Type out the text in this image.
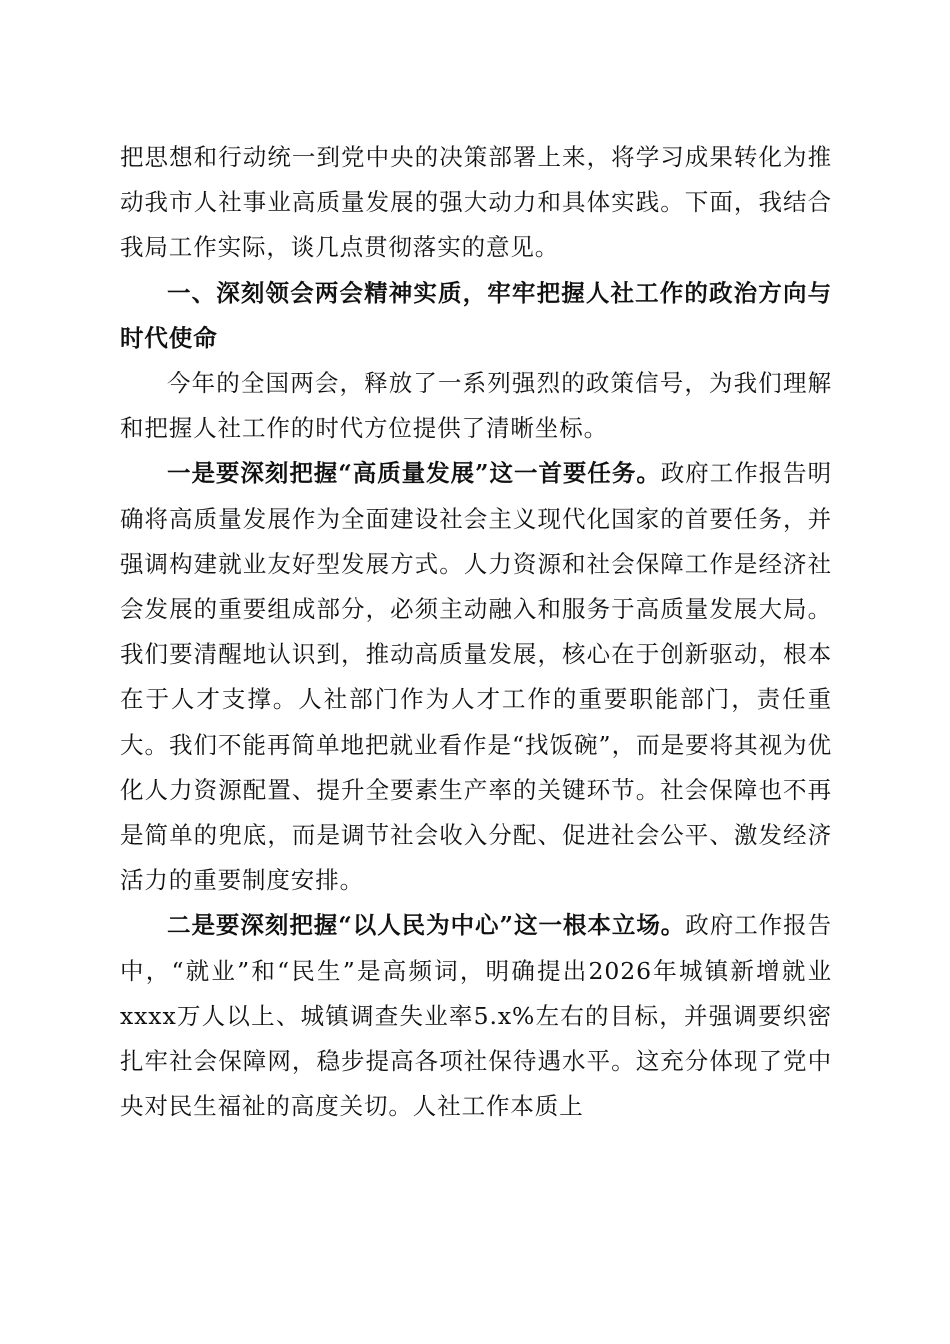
把思想和行动统一到党中央的决策部署上来，将学习成果转化为推动我市人社事业高质量发展的强大动力和具体实践。下面，我结合我局工作实际，谈几点贯彻落实的意见。

一、深刻领会两会精神实质，牢牢把握人社工作的政治方向与时代使命

今年的全国两会，释放了一系列强烈的政策信号，为我们理解和把握人社工作的时代方位提供了清晰坐标。

一是要深刻把握“高质量发展”这一首要任务。政府工作报告明确将高质量发展作为全面建设社会主义现代化国家的首要任务，并强调构建就业友好型发展方式。人力资源和社会保障工作是经济社会发展的重要组成部分，必须主动融入和服务于高质量发展大局。我们要清醒地认识到，推动高质量发展，核心在于创新驱动，根本在于人才支撑。人社部门作为人才工作的重要职能部门，责任重大。我们不能再简单地把就业看作是“找饭碗”，而是要将其视为优化人力资源配置、提升全要素生产率的关键环节。社会保障也不再是简单的兜底，而是调节社会收入分配、促进社会公平、激发经济活力的重要制度安排。

二是要深刻把握“以人民为中心”这一根本立场。政府工作报告中，“就业”和“民生”是高频词，明确提出2026年城镇新增就业xxxx万人以上、城镇调查失业率5.x%左右的目标，并强调要织密扎牢社会保障网，稳步提高各项社保待遇水平。这充分体现了党中央对民生福祉的高度关切。人社工作本质上
